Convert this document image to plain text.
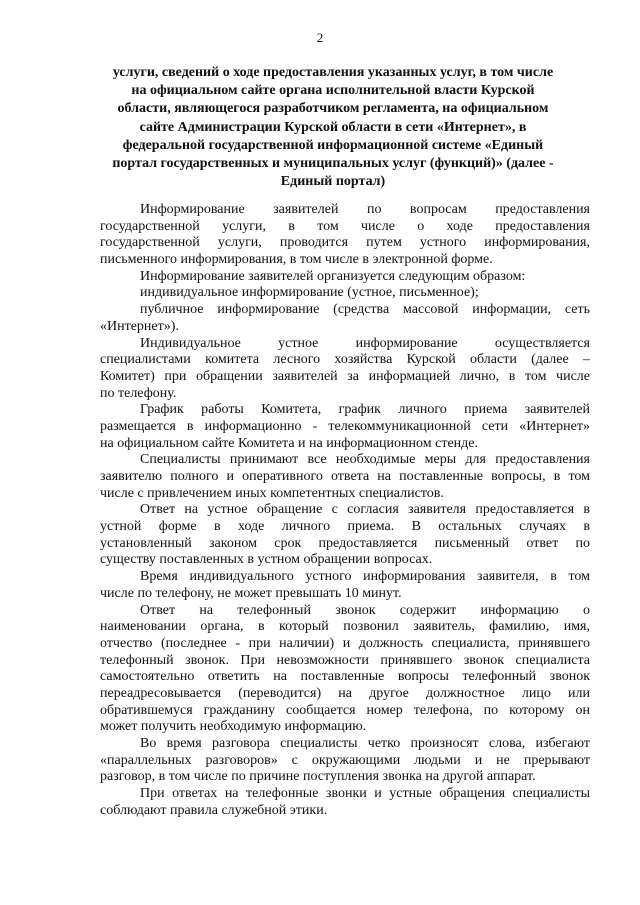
2
услуги, сведений о ходе предоставления указанных услуг, в том числе
на официальном сайте органа исполнительной власти Курской
области, являющегося разработчиком регламента, на официальном
сайте Администрации Курской области в сети «Интернет», в
федеральной государственной информационной системе «Единый
портал государственных и муниципальных услуг (функций)» (далее -
Единый портал)
Информирование заявителей по вопросам предоставления
государственной услуги, в том числе о ходе предоставления
государственной услуги, проводится путем устного информирования,
письменного информирования, в том числе в электронной форме.
Информирование заявителей организуется следующим образом:
индивидуальное информирование (устное, письменное);
публичное информирование (средства массовой информации, сеть
«Интернет»).
Индивидуальное устное информирование осуществляется
специалистами комитета лесного хозяйства Курской области (далее –
Комитет) при обращении заявителей за информацией лично, в том числе
по телефону.
График работы Комитета, график личного приема заявителей
размещается в информационно - телекоммуникационной сети «Интернет»
на официальном сайте Комитета и на информационном стенде.
Специалисты принимают все необходимые меры для предоставления
заявителю полного и оперативного ответа на поставленные вопросы, в том
числе с привлечением иных компетентных специалистов.
Ответ на устное обращение с согласия заявителя предоставляется в
устной форме в ходе личного приема. В остальных случаях в
установленный законом срок предоставляется письменный ответ по
существу поставленных в устном обращении вопросах.
Время индивидуального устного информирования заявителя, в том
числе по телефону, не может превышать 10 минут.
Ответ на телефонный звонок содержит информацию о
наименовании органа, в который позвонил заявитель, фамилию, имя,
отчество (последнее - при наличии) и должность специалиста, принявшего
телефонный звонок. При невозможности принявшего звонок специалиста
самостоятельно ответить на поставленные вопросы телефонный звонок
переадресовывается (переводится) на другое должностное лицо или
обратившемуся гражданину сообщается номер телефона, по которому он
может получить необходимую информацию.
Во время разговора специалисты четко произносят слова, избегают
«параллельных разговоров» с окружающими людьми и не прерывают
разговор, в том числе по причине поступления звонка на другой аппарат.
При ответах на телефонные звонки и устные обращения специалисты
соблюдают правила служебной этики.
